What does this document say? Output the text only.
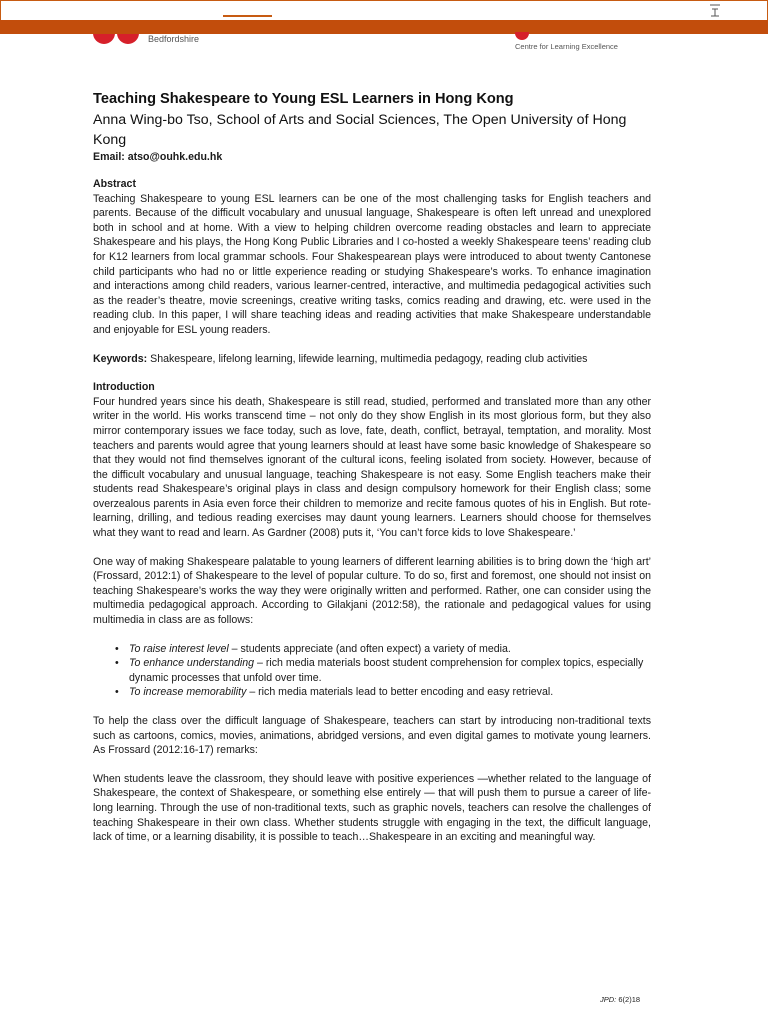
Bedfordshire
Centre for Learning Excellence

Teaching Shakespeare to Young ESL Learners in Hong Kong

Anna Wing-bo Tso, School of Arts and Social Sciences, The Open University of Hong Kong

Email: atso@ouhk.edu.hk

Abstract

Teaching Shakespeare to young ESL learners can be one of the most challenging tasks for English teachers and parents. Because of the difficult vocabulary and unusual language, Shakespeare is often left unread and unexplored both in school and at home. With a view to helping children overcome reading obstacles and learn to appreciate Shakespeare and his plays, the Hong Kong Public Libraries and I co-hosted a weekly Shakespeare teens’ reading club for K12 learners from local grammar schools. Four Shakespearean plays were introduced to about twenty Cantonese child participants who had no or little experience reading or studying Shakespeare’s works. To enhance imagination and interactions among child readers, various learner-centred, interactive, and multimedia pedagogical activities such as the reader’s theatre, movie screenings, creative writing tasks, comics reading and drawing, etc. were used in the reading club. In this paper, I will share teaching ideas and reading activities that make Shakespeare understandable and enjoyable for ESL young readers.

Keywords: Shakespeare, lifelong learning, lifewide learning, multimedia pedagogy, reading club activities

Introduction

Four hundred years since his death, Shakespeare is still read, studied, performed and translated more than any other writer in the world. His works transcend time – not only do they show English in its most glorious form, but they also mirror contemporary issues we face today, such as love, fate, death, conflict, betrayal, temptation, and morality. Most teachers and parents would agree that young learners should at least have some basic knowledge of Shakespeare so that they would not find themselves ignorant of the cultural icons, feeling isolated from society. However, because of the difficult vocabulary and unusual language, teaching Shakespeare is not easy. Some English teachers make their students read Shakespeare’s original plays in class and design compulsory homework for their English class; some overzealous parents in Asia even force their children to memorize and recite famous quotes of his in English. But rote-learning, drilling, and tedious reading exercises may daunt young learners. Learners should choose for themselves what they want to read and learn. As Gardner (2008) puts it, ‘You can’t force kids to love Shakespeare.’

One way of making Shakespeare palatable to young learners of different learning abilities is to bring down the ‘high art’ (Frossard, 2012:1) of Shakespeare to the level of popular culture. To do so, first and foremost, one should not insist on teaching Shakespeare’s works the way they were originally written and performed. Rather, one can consider using the multimedia pedagogical approach. According to Gilakjani (2012:58), the rationale and pedagogical values for using multimedia in class are as follows:

• To raise interest level – students appreciate (and often expect) a variety of media.
• To enhance understanding – rich media materials boost student comprehension for complex topics, especially dynamic processes that unfold over time.
• To increase memorability – rich media materials lead to better encoding and easy retrieval.

To help the class over the difficult language of Shakespeare, teachers can start by introducing non-traditional texts such as cartoons, comics, movies, animations, abridged versions, and even digital games to motivate young learners. As Frossard (2012:16-17) remarks:

When students leave the classroom, they should leave with positive experiences —whether related to the language of Shakespeare, the context of Shakespeare, or something else entirely — that will push them to pursue a career of life-long learning. Through the use of non-traditional texts, such as graphic novels, teachers can resolve the challenges of teaching Shakespeare in their own class. Whether students struggle with engaging in the text, the difficult language, lack of time, or a learning disability, it is possible to teach…Shakespeare in an exciting and meaningful way.

JPD: 6(2)18
